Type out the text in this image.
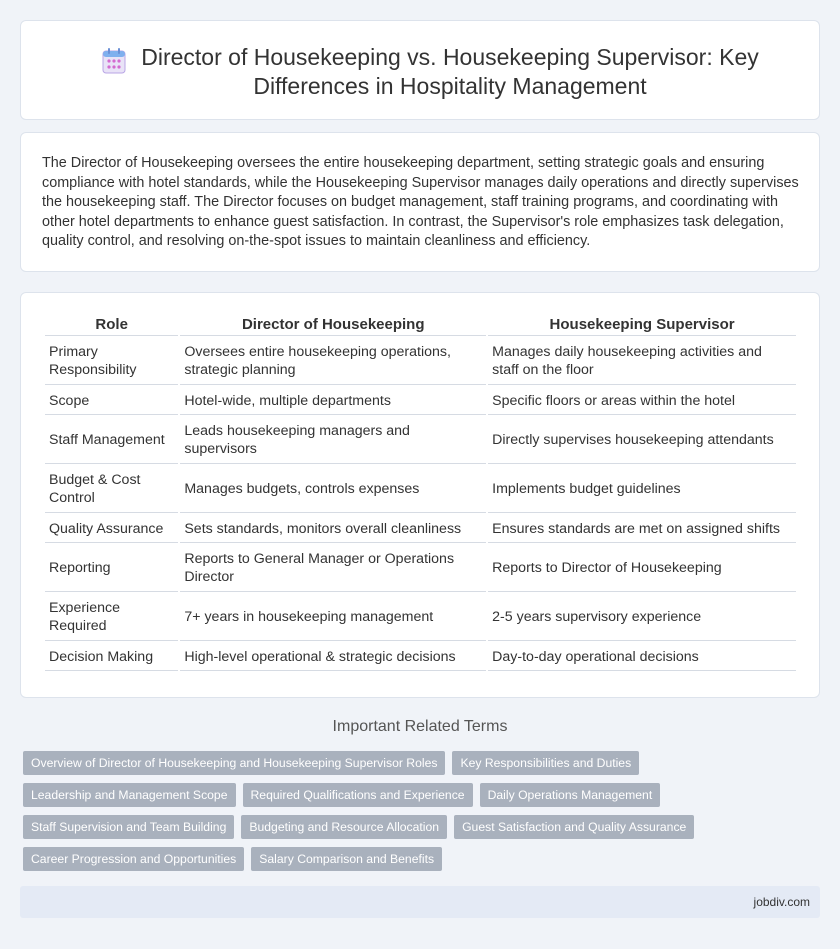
Director of Housekeeping vs. Housekeeping Supervisor: Key Differences in Hospitality Management

The Director of Housekeeping oversees the entire housekeeping department, setting strategic goals and ensuring compliance with hotel standards, while the Housekeeping Supervisor manages daily operations and directly supervises the housekeeping staff. The Director focuses on budget management, staff training programs, and coordinating with other hotel departments to enhance guest satisfaction. In contrast, the Supervisor's role emphasizes task delegation, quality control, and resolving on-the-spot issues to maintain cleanliness and efficiency.

Role	Director of Housekeeping	Housekeeping Supervisor
Primary Responsibility	Oversees entire housekeeping operations, strategic planning	Manages daily housekeeping activities and staff on the floor
Scope	Hotel-wide, multiple departments	Specific floors or areas within the hotel
Staff Management	Leads housekeeping managers and supervisors	Directly supervises housekeeping attendants
Budget & Cost Control	Manages budgets, controls expenses	Implements budget guidelines
Quality Assurance	Sets standards, monitors overall cleanliness	Ensures standards are met on assigned shifts
Reporting	Reports to General Manager or Operations Director	Reports to Director of Housekeeping
Experience Required	7+ years in housekeeping management	2-5 years supervisory experience
Decision Making	High-level operational & strategic decisions	Day-to-day operational decisions
Important Related Terms
Overview of Director of Housekeeping and Housekeeping Supervisor Roles	Key Responsibilities and Duties
Leadership and Management Scope	Required Qualifications and Experience	Daily Operations Management
Staff Supervision and Team Building	Budgeting and Resource Allocation	Guest Satisfaction and Quality Assurance
Career Progression and Opportunities	Salary Comparison and Benefits
jobdiv.com
